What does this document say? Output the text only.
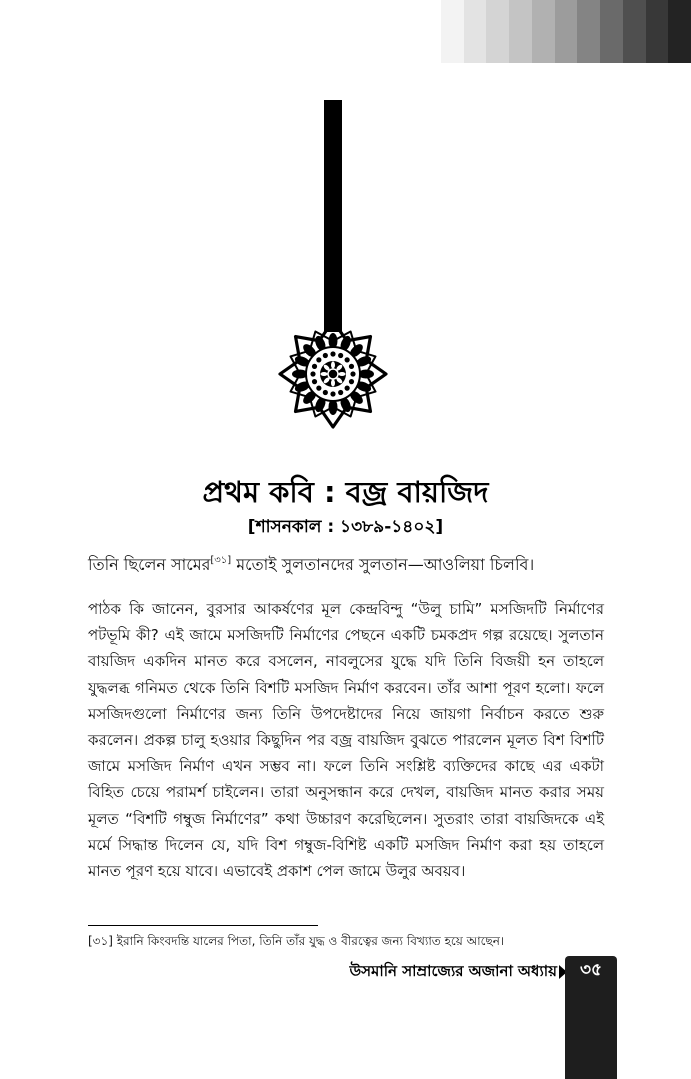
প্রথম কবি : বজ্র বায়জিদ
[শাসনকাল : ১৩৮৯-১৪০২]
তিনি ছিলেন সামের[৩১] মতোই সুলতানদের সুলতান—আওলিয়া চিলবি।

পাঠক কি জানেন, বুরসার আকর্ষণের মূল কেন্দ্রবিন্দু “উলু চামি” মসজিদটি নির্মাণের পটভূমি কী? এই জামে মসজিদটি নির্মাণের পেছনে একটি চমকপ্রদ গল্প রয়েছে। সুলতান বায়জিদ একদিন মানত করে বসলেন, নাবলুসের যুদ্ধে যদি তিনি বিজয়ী হন তাহলে যুদ্ধলব্ধ গনিমত থেকে তিনি বিশটি মসজিদ নির্মাণ করবেন। তাঁর আশা পূরণ হলো। ফলে মসজিদগুলো নির্মাণের জন্য তিনি উপদেষ্টাদের নিয়ে জায়গা নির্বাচন করতে শুরু করলেন। প্রকল্প চালু হওয়ার কিছুদিন পর বজ্র বায়জিদ বুঝতে পারলেন মূলত বিশ বিশটি জামে মসজিদ নির্মাণ এখন সম্ভব না। ফলে তিনি সংশ্লিষ্ট ব্যক্তিদের কাছে এর একটা বিহিত চেয়ে পরামর্শ চাইলেন। তারা অনুসন্ধান করে দেখল, বায়জিদ মানত করার সময় মূলত “বিশটি গম্বুজ নির্মাণের” কথা উচ্চারণ করেছিলেন। সুতরাং তারা বায়জিদকে এই মর্মে সিদ্ধান্ত দিলেন যে, যদি বিশ গম্বুজ-বিশিষ্ট একটি মসজিদ নির্মাণ করা হয় তাহলে মানত পূরণ হয়ে যাবে। এভাবেই প্রকাশ পেল জামে উলুর অবয়ব।

[৩১] ইরানি কিংবদন্তি যালের পিতা, তিনি তাঁর যুদ্ধ ও বীরত্বের জন্য বিখ্যাত হয়ে আছেন।
উসমানি সাম্রাজ্যের অজানা অধ্যায়	৩৫
